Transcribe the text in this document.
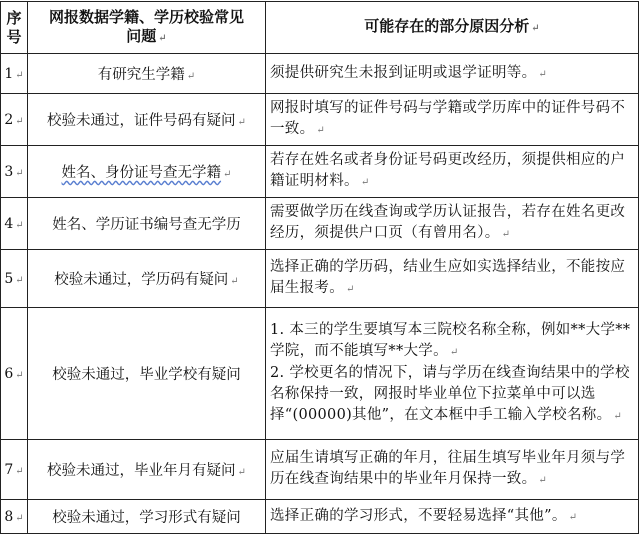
序号	网报数据学籍、学历校验常见问题 ↵	可能存在的部分原因分析 ↵
1 ↵	有研究生学籍 ↵	须提供研究生未报到证明或退学证明等。 ↵
2 ↵	校验未通过，证件号码有疑问 ↵	网报时填写的证件号码与学籍或学历库中的证件号码不一致。 ↵
3 ↵	姓名、身份证号查无学籍 ↵	若存在姓名或者身份证号码更改经历，须提供相应的户籍证明材料。 ↵
4 ↵	姓名、学历证书编号查无学历	需要做学历在线查询或学历认证报告，若存在姓名更改经历，须提供户口页（有曾用名）。 ↵
5 ↵	校验未通过，学历码有疑问 ↵	选择正确的学历码，结业生应如实选择结业，不能按应届生报考。 ↵
6 ↵	校验未通过，毕业学校有疑问	1. 本三的学生要填写本三院校名称全称，例如**大学**学院，而不能填写**大学。 ↵
2. 学校更名的情况下，请与学历在线查询结果中的学校名称保持一致，网报时毕业单位下拉菜单中可以选择“(00000)其他”，在文本框中手工输入学校名称。 ↵

7 ↵	校验未通过，毕业年月有疑问 ↵	应届生请填写正确的年月，往届生填写毕业年月须与学历在线查询结果中的毕业年月保持一致。 ↵
8 ↵	校验未通过，学习形式有疑问	选择正确的学习形式，不要轻易选择“其他”。 ↵
